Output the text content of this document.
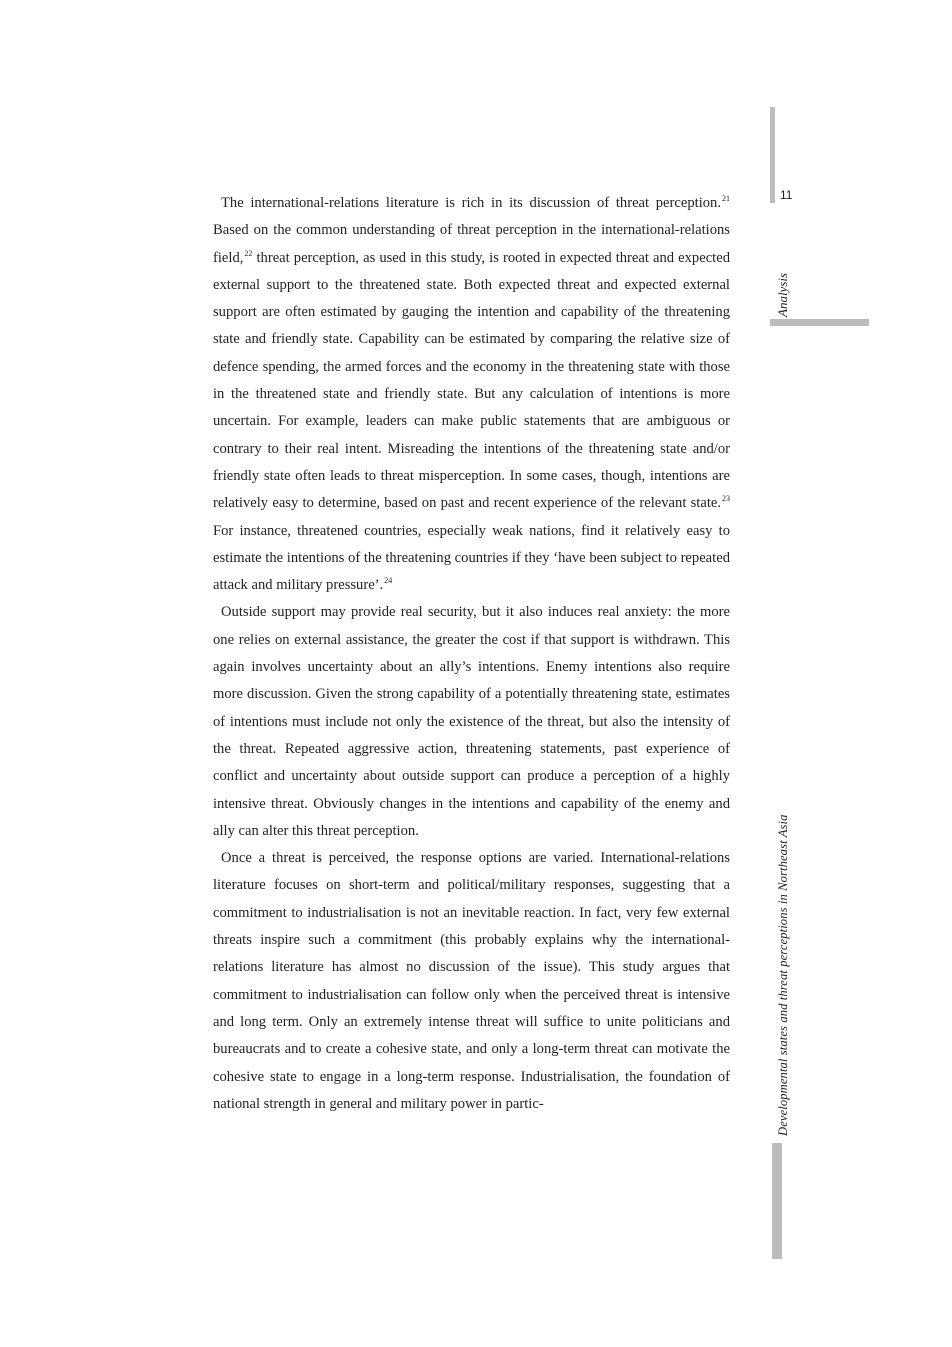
11
Analysis
Developmental states and threat perceptions in Northeast Asia

The international-relations literature is rich in its discussion of threat perception.$^{21}$ Based on the common understanding of threat perception in the international-relations field,$^{22}$ threat perception, as used in this study, is rooted in expected threat and expected external support to the threatened state. Both expected threat and expected external support are often estimated by gauging the intention and capability of the threatening state and friendly state. Capability can be estimated by comparing the relative size of defence spending, the armed forces and the economy in the threatening state with those in the threatened state and friendly state. But any calculation of intentions is more uncertain. For example, leaders can make public statements that are ambiguous or contrary to their real intent. Misreading the intentions of the threatening state and/or friendly state often leads to threat misperception. In some cases, though, intentions are relatively easy to determine, based on past and recent experience of the relevant state.$^{23}$ For instance, threatened countries, especially weak nations, find it relatively easy to estimate the intentions of the threatening countries if they ‘have been subject to repeated attack and military pressure’.$^{24}$

Outside support may provide real security, but it also induces real anxiety: the more one relies on external assistance, the greater the cost if that support is withdrawn. This again involves uncertainty about an ally’s intentions. Enemy intentions also require more discussion. Given the strong capability of a potentially threatening state, estimates of intentions must include not only the existence of the threat, but also the intensity of the threat. Repeated aggressive action, threatening statements, past experience of conflict and uncertainty about outside support can produce a perception of a highly intensive threat. Obviously changes in the intentions and capability of the enemy and ally can alter this threat perception.

Once a threat is perceived, the response options are varied. International-relations literature focuses on short-term and political/military responses, suggesting that a commitment to industrialisation is not an inevitable reaction. In fact, very few external threats inspire such a commitment (this probably explains why the international-relations literature has almost no discussion of the issue). This study argues that commitment to industrialisation can follow only when the perceived threat is intensive and long term. Only an extremely intense threat will suffice to unite politicians and bureaucrats and to create a cohesive state, and only a long-term threat can motivate the cohesive state to engage in a long-term response. Industrialisation, the foundation of national strength in general and military power in partic-
